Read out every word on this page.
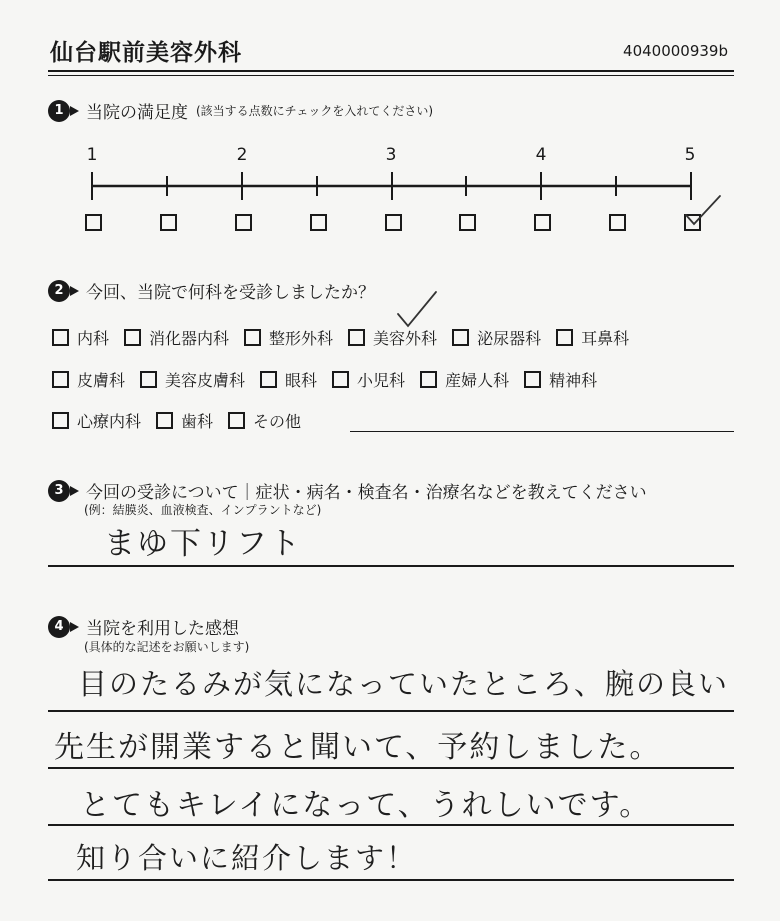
仙台駅前美容外科	4040000939b
1	当院の満足度 (該当する点数にチェックを入れてください)
1	2	3	4	5
2	今回、当院で何科を受診しましたか？
内科	消化器内科	整形外科	美容外科	泌尿器科	耳鼻科
皮膚科	美容皮膚科	眼科	小児科	産婦人科	精神科
心療内科	歯科	その他
3	今回の受診について｜症状・病名・検査名・治療名などを教えてください
(例：結膜炎、血液検査、インプラントなど)
まゆ下リフト
4	当院を利用した感想
(具体的な記述をお願いします)
目のたるみが気になっていたところ、腕の良い
先生が開業すると聞いて、予約しました。
とてもキレイになって、うれしいです。
知り合いに紹介します！
